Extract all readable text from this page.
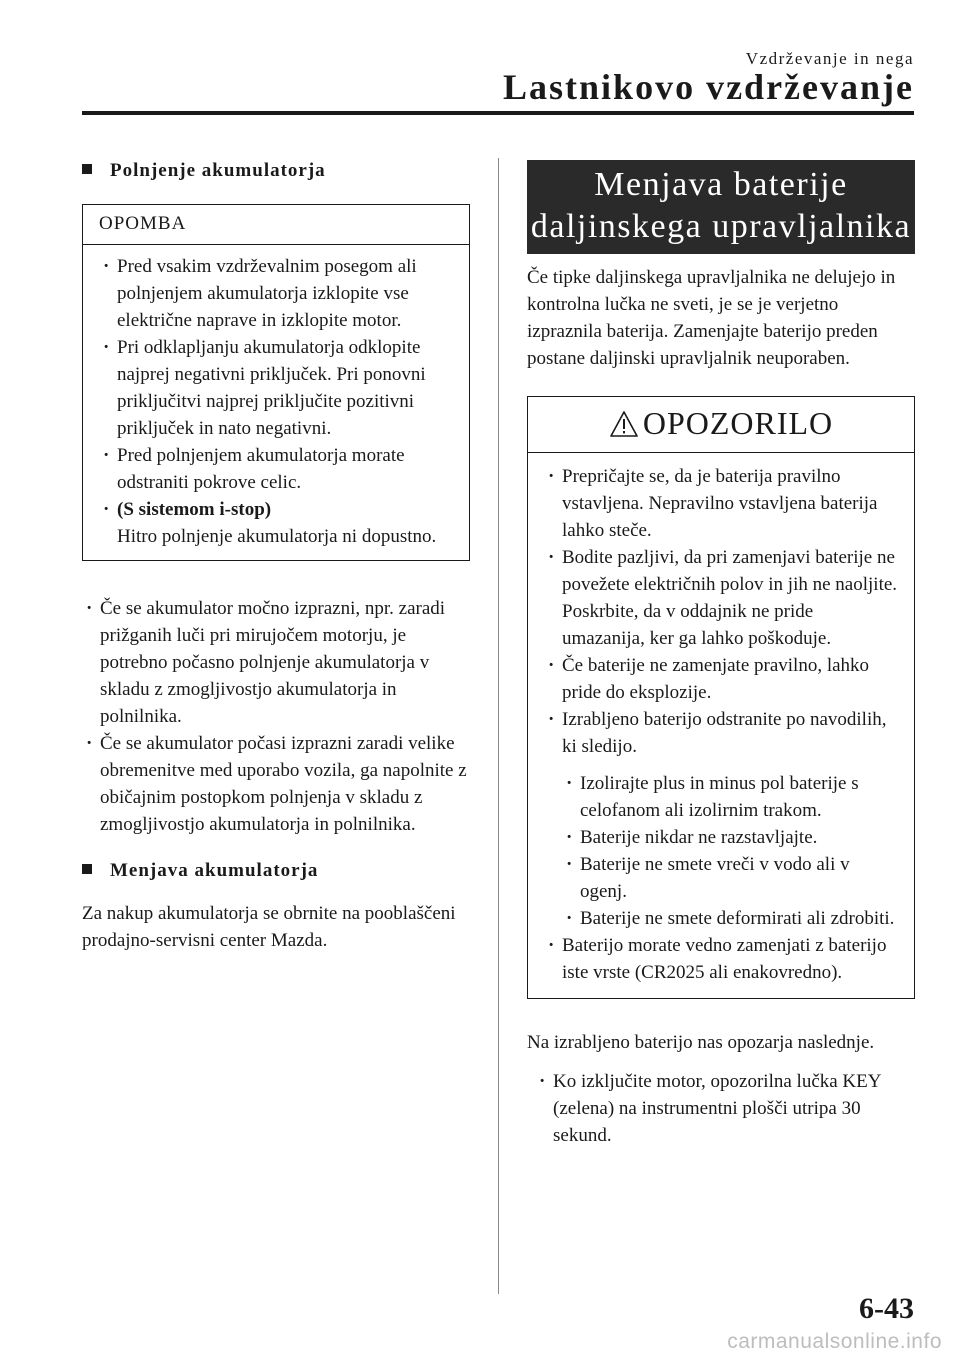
Vzdrževanje in nega
Lastnikovo vzdrževanje
Polnjenje akumulatorja
OPOMBA
· Pred vsakim vzdrževalnim posegom ali polnjenjem akumulatorja izklopite vse električne naprave in izklopite motor.
· Pri odklapljanju akumulatorja odklopite najprej negativni priključek. Pri ponovni priključitvi najprej priključite pozitivni priključek in nato negativni.
· Pred polnjenjem akumulatorja morate odstraniti pokrove celic.
· (S sistemom i-stop)
Hitro polnjenje akumulatorja ni dopustno.
· Če se akumulator močno izprazni, npr. zaradi prižganih luči pri mirujočem motorju, je potrebno počasno polnjenje akumulatorja v skladu z zmogljivostjo akumulatorja in polnilnika.
· Če se akumulator počasi izprazni zaradi velike obremenitve med uporabo vozila, ga napolnite z običajnim postopkom polnjenja v skladu z zmogljivostjo akumulatorja in polnilnika.
Menjava akumulatorja

Za nakup akumulatorja se obrnite na pooblaščeni prodajno-servisni center Mazda.

Menjava baterije
daljinskega upravljalnika

Če tipke daljinskega upravljalnika ne delujejo in kontrolna lučka ne sveti, je se je verjetno izpraznila baterija. Zamenjajte baterijo preden postane daljinski upravljalnik neuporaben.

OPOZORILO
· Prepričajte se, da je baterija pravilno vstavljena. Nepravilno vstavljena baterija lahko steče.
· Bodite pazljivi, da pri zamenjavi baterije ne povežete električnih polov in jih ne naoljite. Poskrbite, da v oddajnik ne pride umazanija, ker ga lahko poškoduje.
· Če baterije ne zamenjate pravilno, lahko pride do eksplozije.
· Izrabljeno baterijo odstranite po navodilih, ki sledijo.
· Izolirajte plus in minus pol baterije s celofanom ali izolirnim trakom.
· Baterije nikdar ne razstavljajte.
· Baterije ne smete vreči v vodo ali v ogenj.
· Baterije ne smete deformirati ali zdrobiti.
· Baterijo morate vedno zamenjati z baterijo iste vrste (CR2025 ali enakovredno).

Na izrabljeno baterijo nas opozarja naslednje.

· Ko izključite motor, opozorilna lučka KEY (zelena) na instrumentni plošči utripa 30 sekund.
6-43
carmanualsonline.info
